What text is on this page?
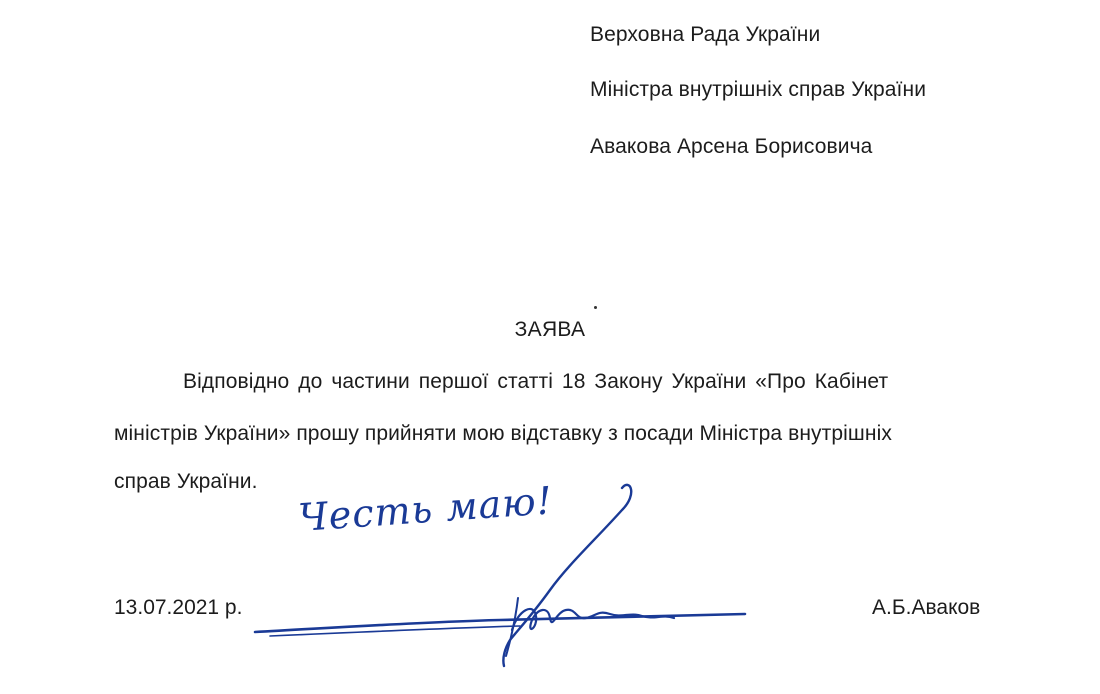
Верховна Рада України
Міністра внутрішніх справ України
Авакова Арсена Борисовича
ЗАЯВА
Відповідно до частини першої статті 18 Закону України «Про Кабінет
міністрів України» прошу прийняти мою відставку з посади Міністра внутрішніх
справ України. Честь маю!
13.07.2021 р.	А.Б.Аваков
